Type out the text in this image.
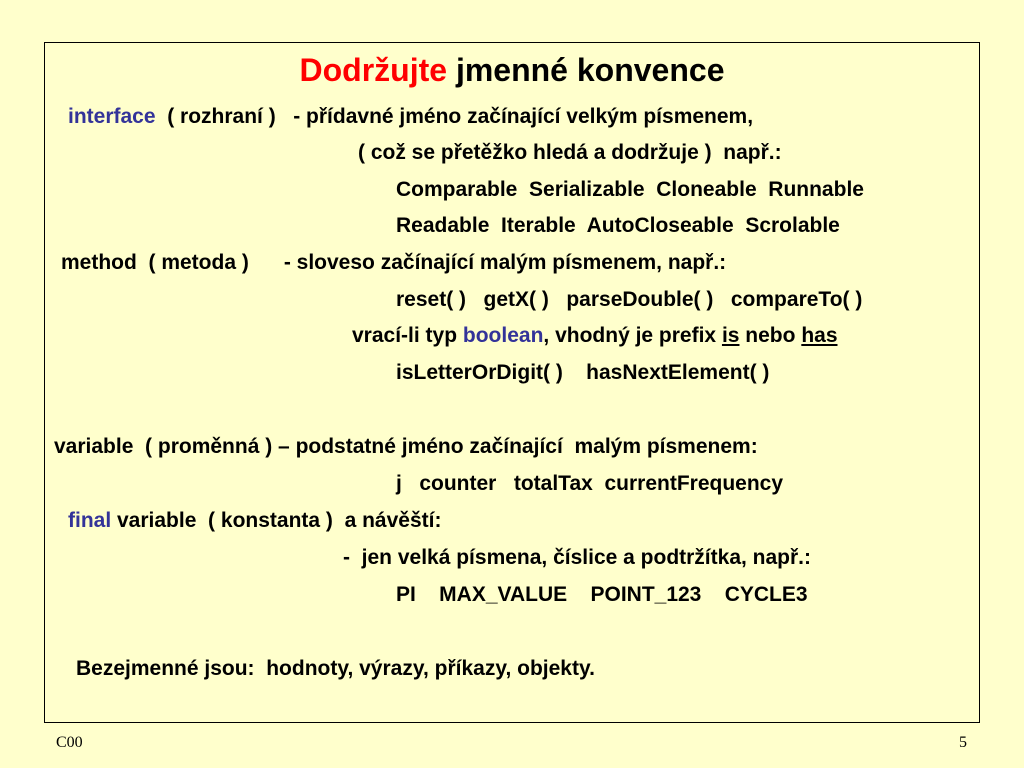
Dodržujte jmenné konvence
interface  ( rozhraní )   - přídavné jméno začínající velkým písmenem,
( což se přetěžko hledá a dodržuje )  např.:
Comparable  Serializable  Cloneable  Runnable
Readable  Iterable  AutoCloseable  Scrolable
method  ( metoda )      - sloveso začínající malým písmenem, např.:
reset( )   getX( )   parseDouble( )   compareTo( )
vrací-li typ boolean, vhodný je prefix is nebo has
isLetterOrDigit( )    hasNextElement( )
variable  ( proměnná ) – podstatné jméno začínající  malým písmenem:
j   counter   totalTax  currentFrequency
final variable  ( konstanta )  a návěští:
-  jen velká písmena, číslice a podtržítka, např.:
PI    MAX_VALUE    POINT_123    CYCLE3
Bezejmenné jsou:  hodnoty, výrazy, příkazy, objekty.
C00	5
